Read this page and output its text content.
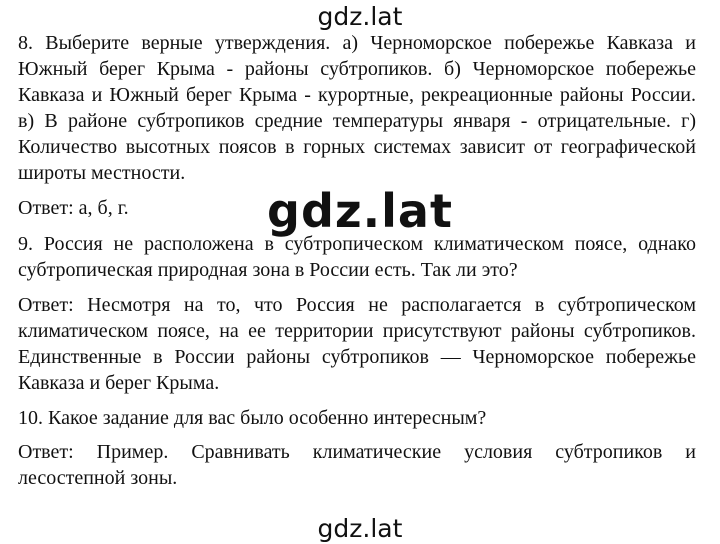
gdz.lat

8. Выберите верные утверждения. а) Черноморское побережье Кавказа и Южный берег Крыма - районы субтропиков. б) Черноморское побережье Кавказа и Южный берег Крыма - курортные, рекреационные районы России. в) В районе субтропиков средние температуры января - отрицательные. г) Количество высотных поясов в горных системах зависит от географической широты местности.

Ответ: а, б, г.

9. Россия не расположена в субтропическом климатическом поясе, однако субтропическая природная зона в России есть. Так ли это?

Ответ: Несмотря на то, что Россия не располагается в субтропическом климатическом поясе, на ее территории присутствуют районы субтропиков. Единственные в России районы субтропиков — Черноморское побережье Кавказа и берег Крыма.

10. Какое задание для вас было особенно интересным?

Ответ: Пример. Сравнивать климатические условия субтропиков и лесостепной зоны.

gdz.lat
gdz.lat
